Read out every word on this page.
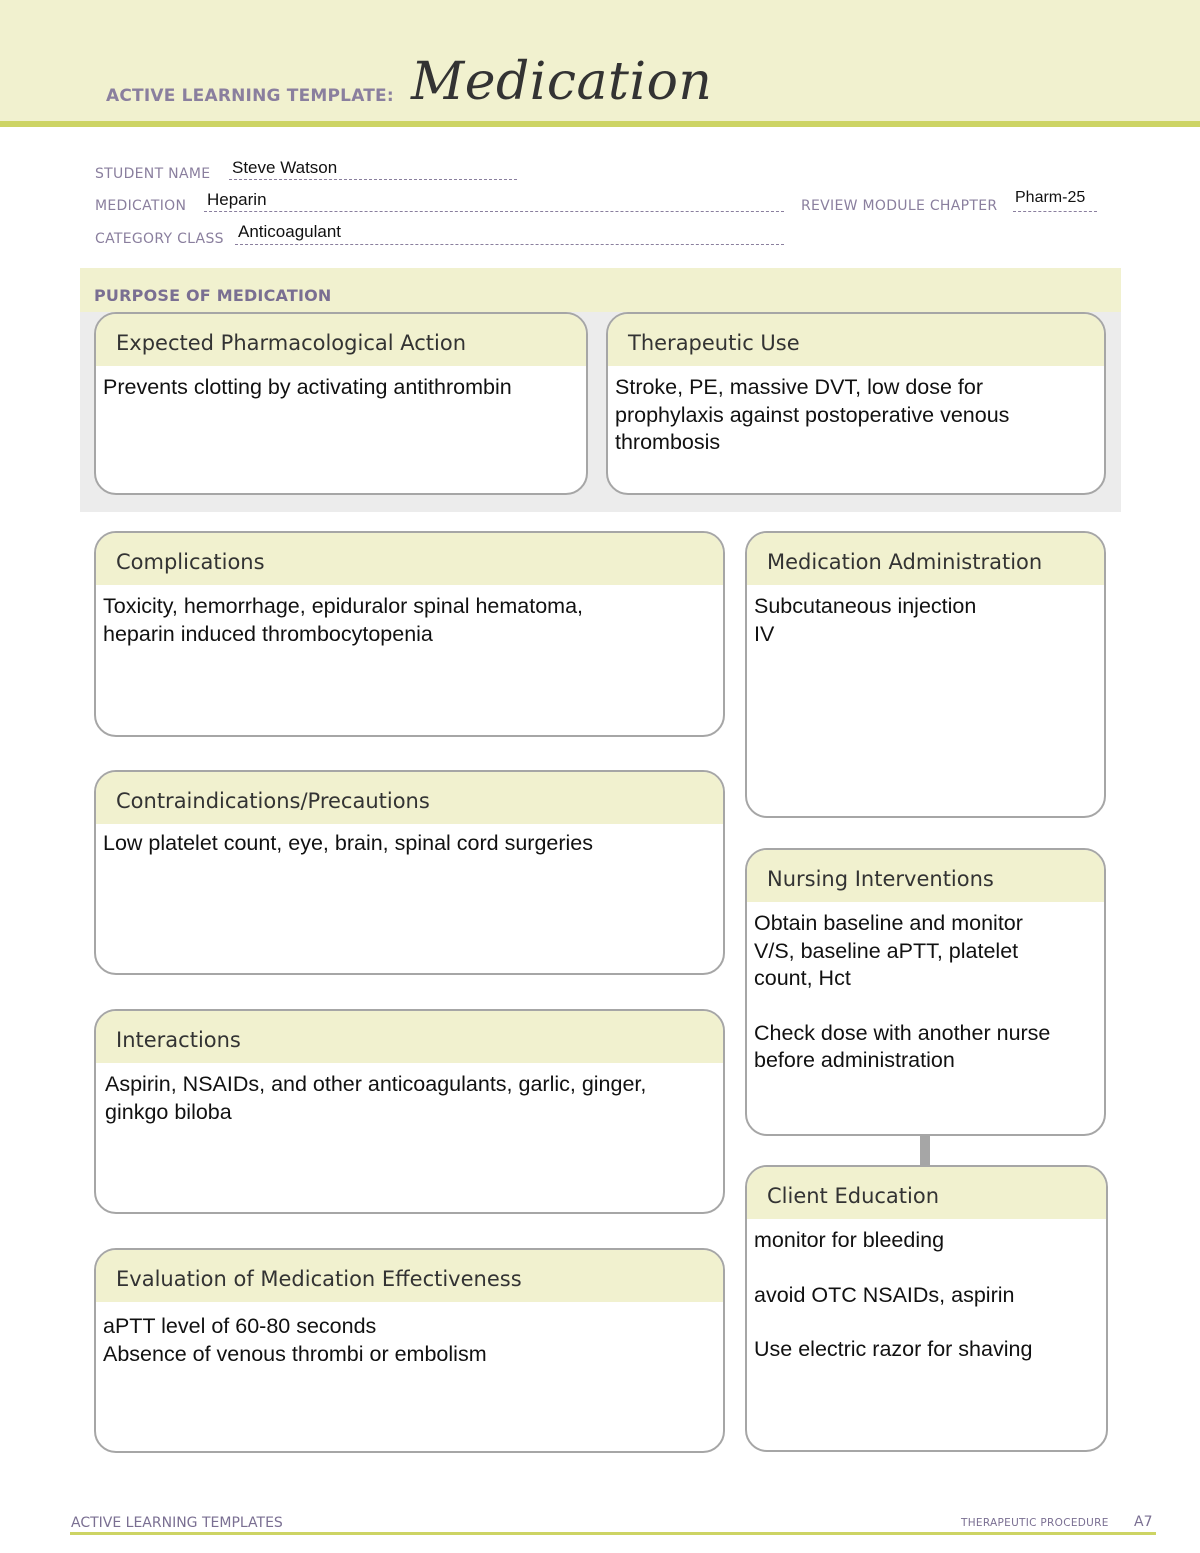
ACTIVE LEARNING TEMPLATE: Medication
STUDENT NAME Steve Watson
MEDICATION Heparin	REVIEW MODULE CHAPTER Pharm-25
CATEGORY CLASS Anticoagulant
PURPOSE OF MEDICATION
Expected Pharmacological Action

Prevents clotting by activating antithrombin

Therapeutic Use

Stroke, PE, massive DVT, low dose for

prophylaxis against postoperative venous

thrombosis

Complications

Toxicity, hemorrhage, epiduralor spinal hematoma,

heparin induced thrombocytopenia

Medication Administration

Subcutaneous injection

IV

Contraindications/Precautions

Low platelet count, eye, brain, spinal cord surgeries

Nursing Interventions

Obtain baseline and monitor

V/S, baseline aPTT, platelet

count, Hct

Check dose with another nurse

before administration

Interactions

Aspirin, NSAIDs, and other anticoagulants, garlic, ginger,

ginkgo biloba

Client Education

monitor for bleeding

avoid OTC NSAIDs, aspirin

Use electric razor for shaving

Evaluation of Medication Effectiveness

aPTT level of 60-80 seconds

Absence of venous thrombi or embolism

ACTIVE LEARNING TEMPLATES	THERAPEUTIC PROCEDURE A7
